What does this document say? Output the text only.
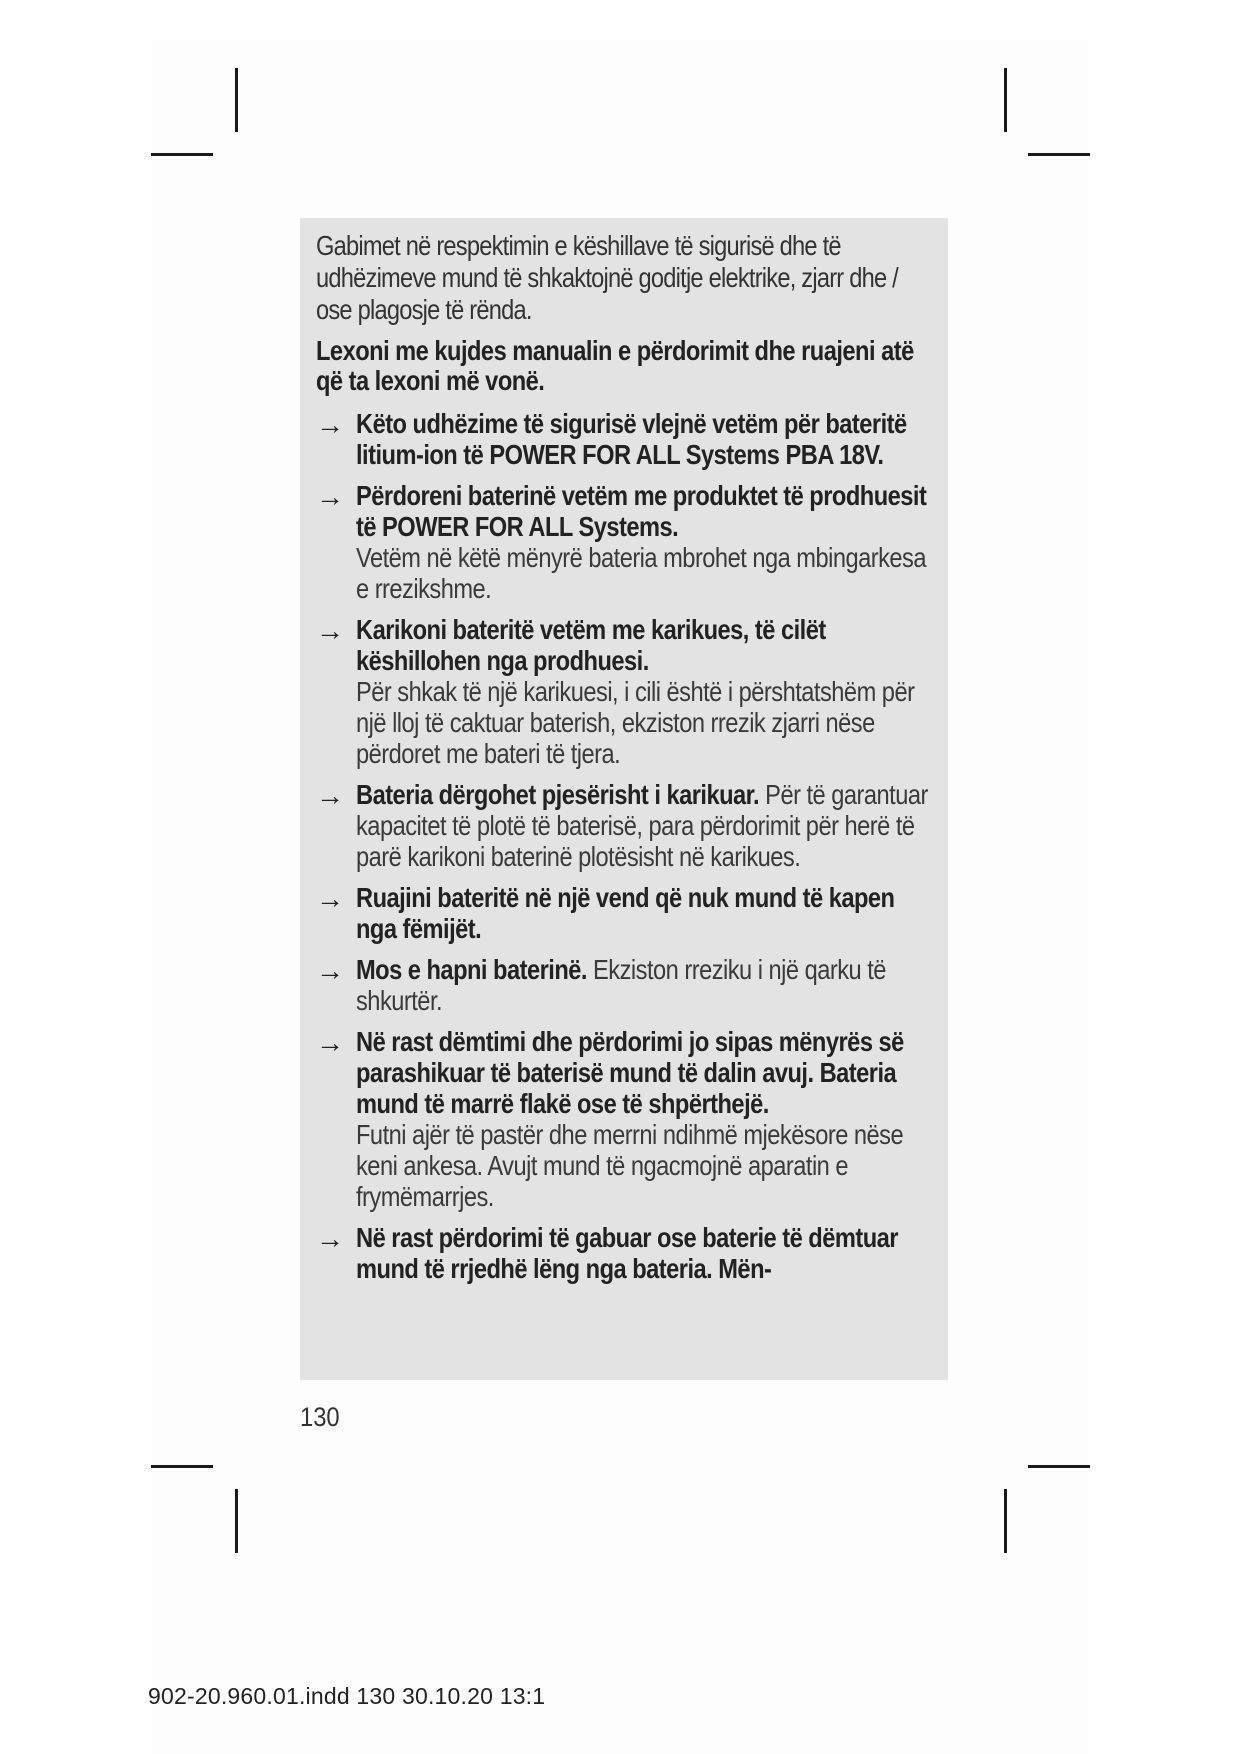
Gabimet në respektimin e këshillave të sigurisë dhe të udhëzimeve mund të shkaktojnë goditje elektrike, zjarr dhe / ose plagosje të rënda.

Lexoni me kujdes manualin e përdorimit dhe ruajeni atë që ta lexoni më vonë.

→ Këto udhëzime të sigurisë vlejnë vetëm për bateritë litium-ion të POWER FOR ALL Systems PBA 18V.
→ Përdoreni baterinë vetëm me produktet të prodhuesit të POWER FOR ALL Systems.
Vetëm në këtë mënyrë bateria mbrohet nga mbingarkesa e rrezikshme.
→ Karikoni bateritë vetëm me karikues, të cilët këshillohen nga prodhuesi.
Për shkak të një karikuesi, i cili është i përshtatshëm për një lloj të caktuar baterish, ekziston rrezik zjarri nëse përdoret me bateri të tjera.
→ Bateria dërgohet pjesërisht i karikuar. Për të garantuar kapacitet të plotë të baterisë, para përdorimit për herë të parë karikoni baterinë plotësisht në karikues.
→ Ruajini bateritë në një vend që nuk mund të kapen nga fëmijët.
→ Mos e hapni baterinë. Ekziston rreziku i një qarku të shkurtër.
→ Në rast dëmtimi dhe përdorimi jo sipas mënyrës së parashikuar të baterisë mund të dalin avuj. Bateria mund të marrë flakë ose të shpërthejë.
Futni ajër të pastër dhe merrni ndihmë mjekësore nëse keni ankesa. Avujt mund të ngacmojnë aparatin e frymëmarrjes.
→ Në rast përdorimi të gabuar ose baterie të dëmtuar mund të rrjedhë lëng nga bateria. Mën-
130
902-20.960.01.indd 130 30.10.20 13:1
